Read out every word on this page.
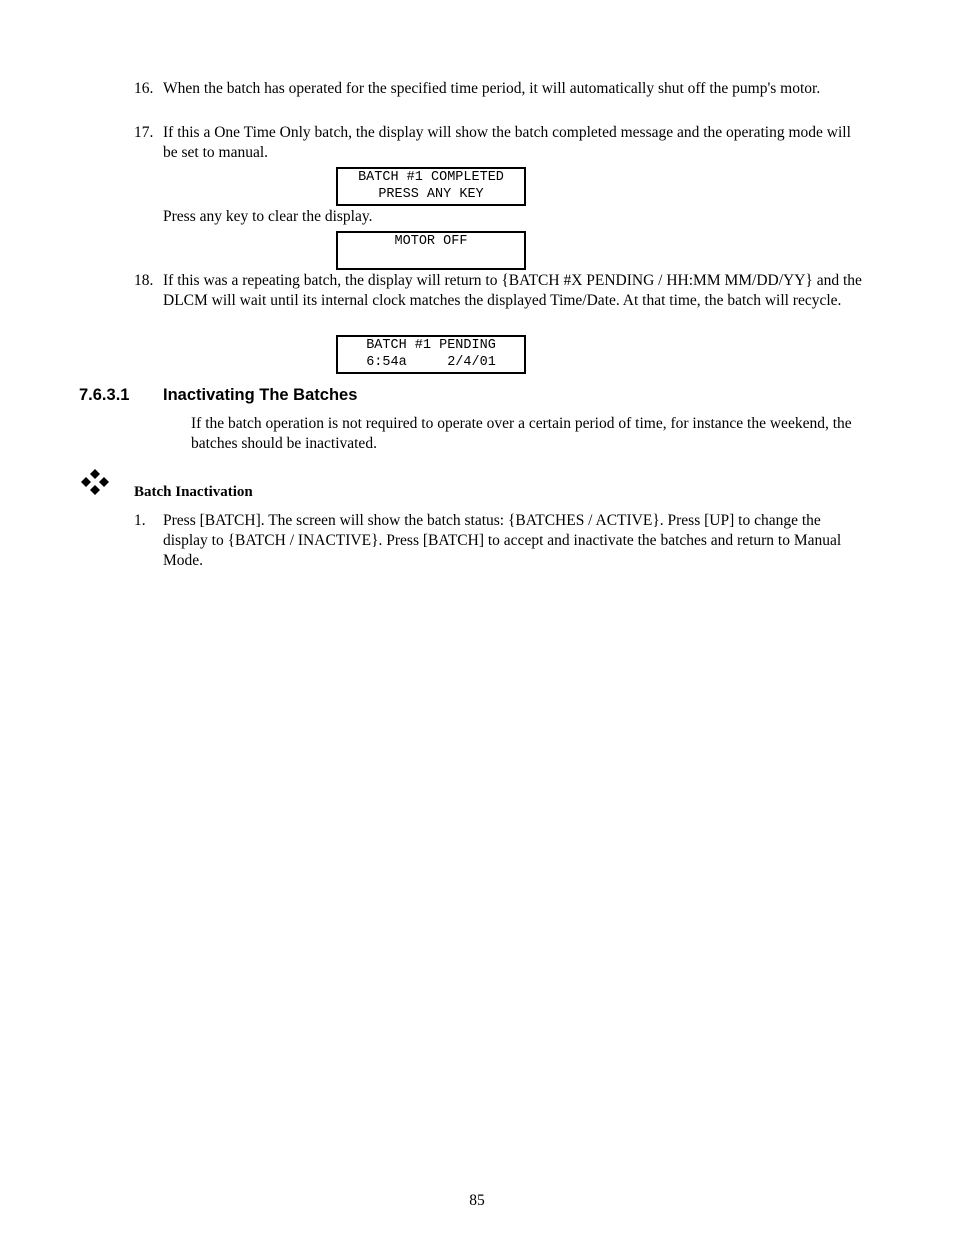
16. When the batch has operated for the specified time period, it will automatically shut off the pump's motor.
17. If this a One Time Only batch, the display will show the batch completed message and the operating mode will be set to manual.
BATCH #1 COMPLETED
PRESS ANY KEY
Press any key to clear the display.
MOTOR OFF
18. If this was a repeating batch, the display will return to {BATCH #X PENDING / HH:MM MM/DD/YY} and the DLCM will wait until its internal clock matches the displayed Time/Date. At that time, the batch will recycle.
BATCH #1 PENDING
6:54a     2/4/01
7.6.3.1 Inactivating The Batches
If the batch operation is not required to operate over a certain period of time, for instance the weekend, the batches should be inactivated.
Batch Inactivation
1. Press [BATCH]. The screen will show the batch status: {BATCHES / ACTIVE}. Press [UP] to change the display to {BATCH / INACTIVE}. Press [BATCH] to accept and inactivate the batches and return to Manual Mode.
85
